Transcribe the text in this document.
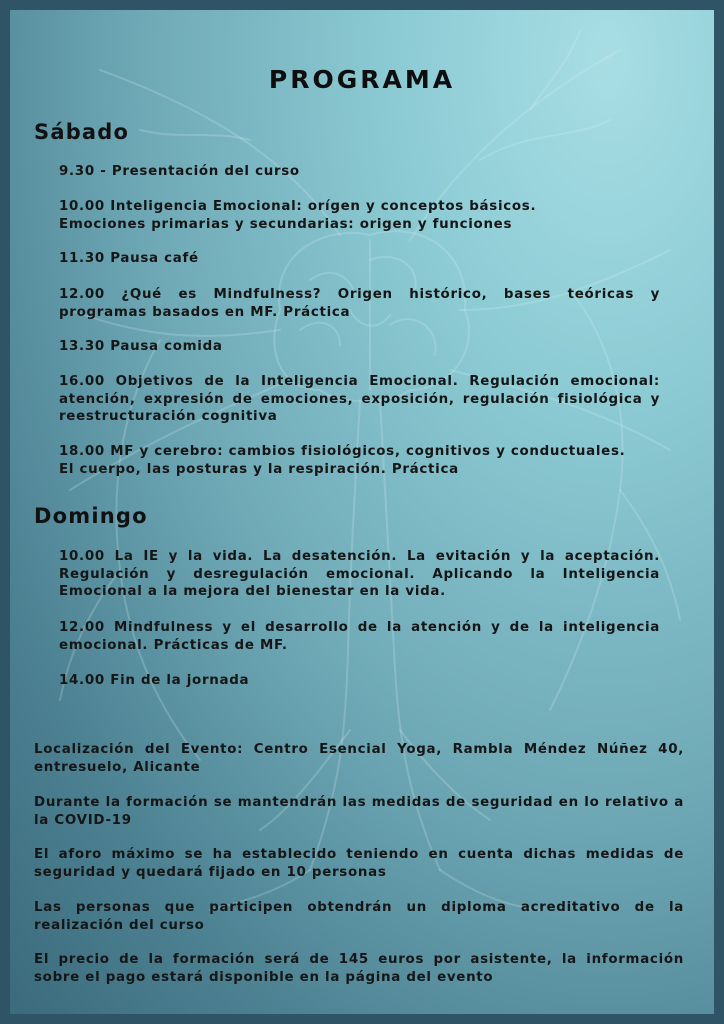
PROGRAMA
Sábado
9.30 - Presentación del curso
10.00 Inteligencia Emocional: orígen y conceptos básicos.
Emociones primarias y secundarias: origen y funciones
11.30 Pausa café
12.00 ¿Qué es Mindfulness? Origen histórico, bases teóricas y programas basados en MF. Práctica
13.30 Pausa comida
16.00 Objetivos de la Inteligencia Emocional. Regulación emocional: atención, expresión de emociones, exposición, regulación fisiológica y reestructuración cognitiva
18.00 MF y cerebro: cambios fisiológicos, cognitivos y conductuales.
El cuerpo, las posturas y la respiración. Práctica
Domingo
10.00 La IE y la vida. La desatención. La evitación y la aceptación. Regulación y desregulación emocional. Aplicando la Inteligencia Emocional a la mejora del bienestar en la vida.
12.00 Mindfulness y el desarrollo de la atención y de la inteligencia emocional. Prácticas de MF.
14.00 Fin de la jornada
Localización del Evento: Centro Esencial Yoga, Rambla Méndez Núñez 40, entresuelo, Alicante
Durante la formación se mantendrán las medidas de seguridad en lo relativo a la COVID-19
El aforo máximo se ha establecido teniendo en cuenta dichas medidas de seguridad y quedará fijado en 10 personas
Las personas que participen obtendrán un diploma acreditativo de la realización del curso
El precio de la formación será de 145 euros por asistente, la información sobre el pago estará disponible en la página del evento
